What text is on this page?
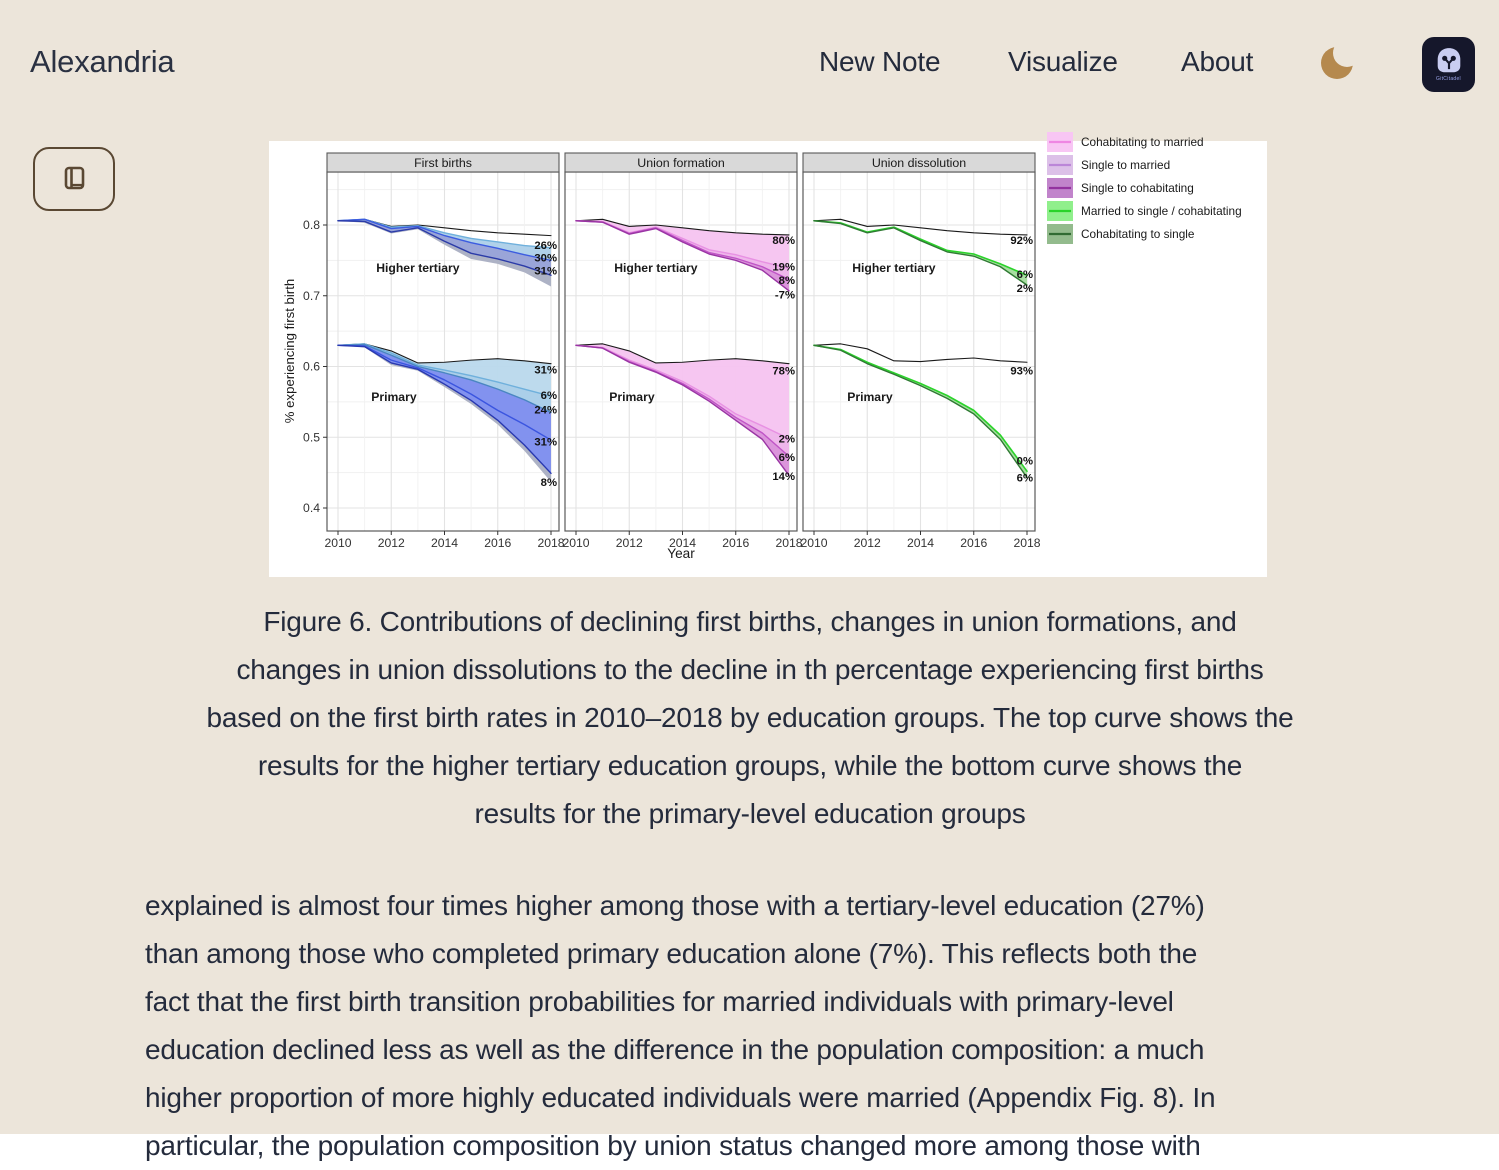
Alexandria	New Note Visualize About
GitCitadel
Higher tertiary
26%
30%
31%
Primary
31%
6%
24%
31%
8%
First births
2010 2012 2014 2016 2018
0.4
0.5
0.6
0.7
0.8
Higher tertiary
80%
19%
8%
-7%
Primary
78%
2%
6%
14%
Union formation
2010 2012 2014 2016 2018
Higher tertiary
92%
6%
2%
Primary
93%
0%
6%
Union dissolution
2010 2012 2014 2016 2018
Year
% experiencing first birth
Cohabitating to married
Single to married
Single to cohabitating
Married to single / cohabitating
Cohabitating to single
Figure 6. Contributions of declining first births, changes in union formations, and
changes in union dissolutions to the decline in th percentage experiencing first births
based on the first birth rates in 2010–2018 by education groups. The top curve shows the
results for the higher tertiary education groups, while the bottom curve shows the
results for the primary-level education groups
explained is almost four times higher among those with a tertiary-level education (27%)
than among those who completed primary education alone (7%). This reflects both the
fact that the first birth transition probabilities for married individuals with primary-level
education declined less as well as the difference in the population composition: a much
higher proportion of more highly educated individuals were married (Appendix Fig. 8). In
particular, the population composition by union status changed more among those with
